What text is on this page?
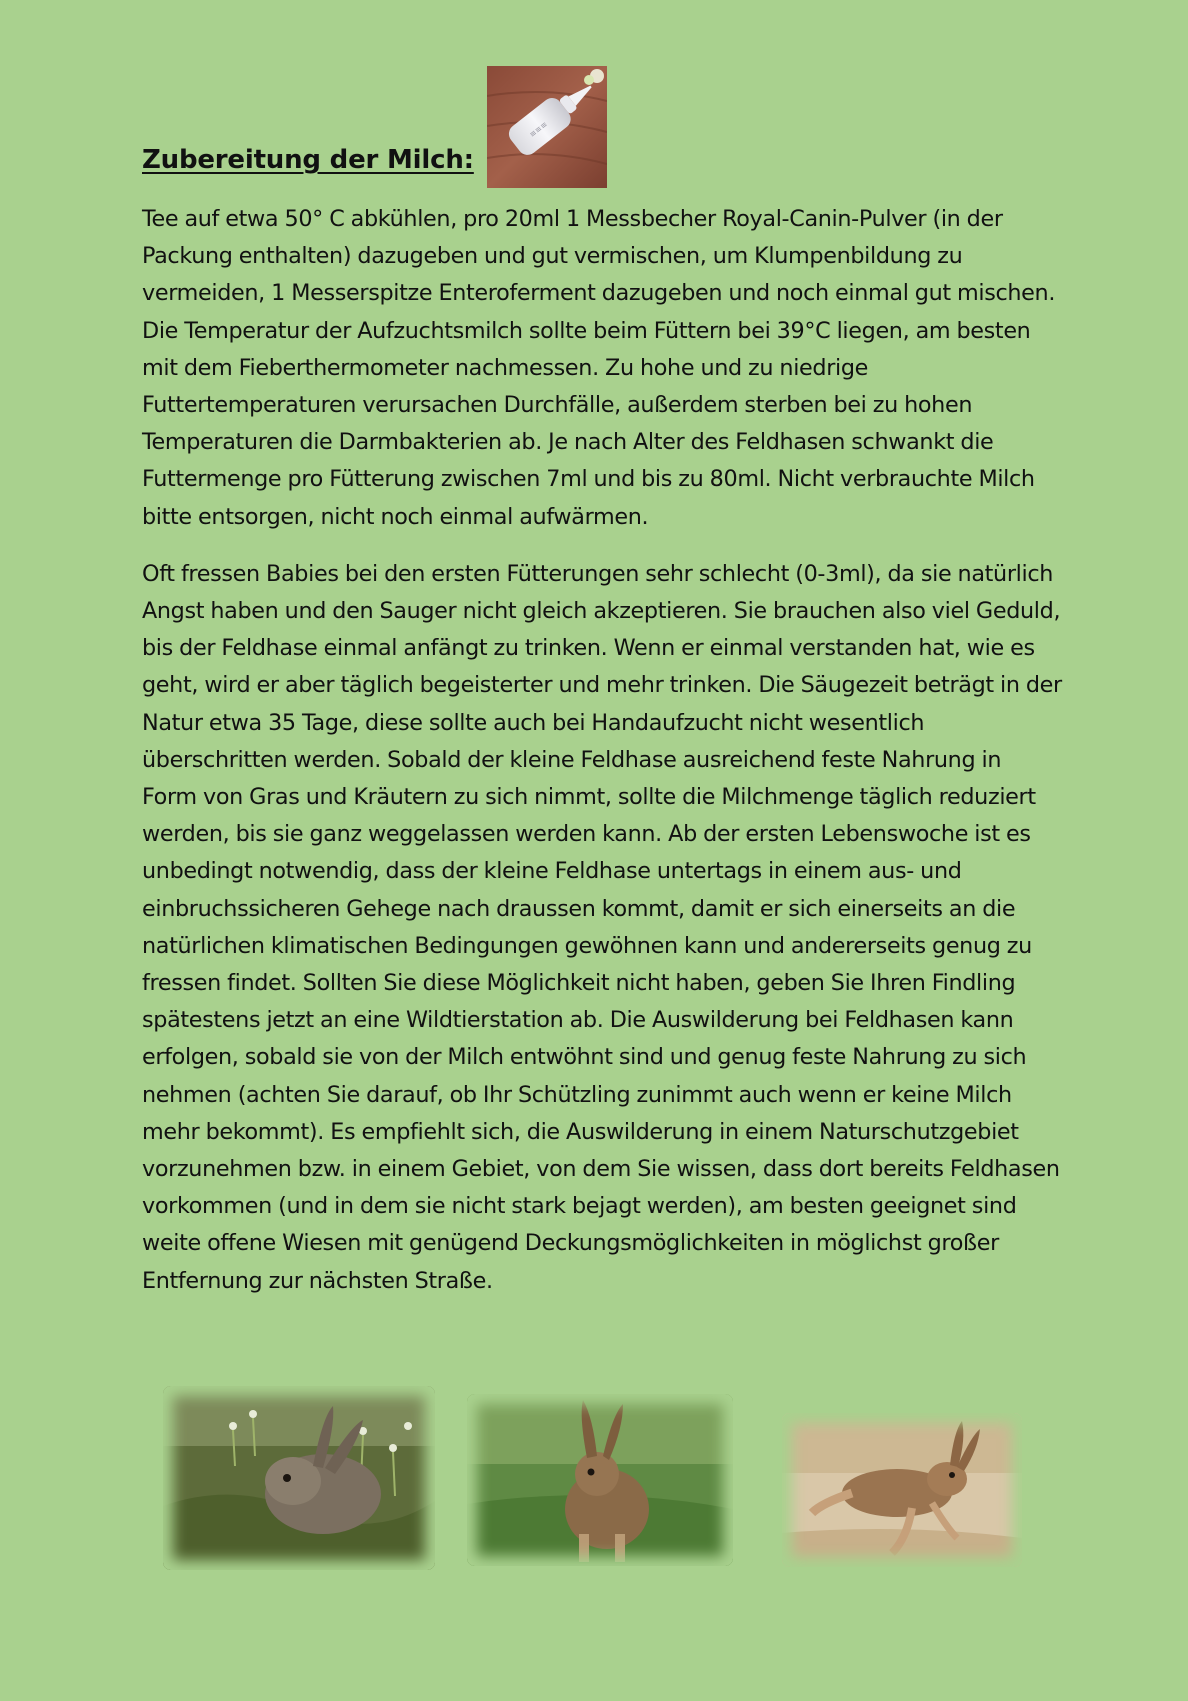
Zubereitung der Milch:
≡≡≡

Tee auf etwa 50° C abkühlen, pro 20ml 1 Messbecher Royal-Canin-Pulver (in der Packung enthalten) dazugeben und gut vermischen, um Klumpenbildung zu vermeiden, 1 Messerspitze Enteroferment dazugeben und noch einmal gut mischen. Die Temperatur der Aufzuchtsmilch sollte beim Füttern bei 39°C liegen, am besten mit dem Fieberthermometer nachmessen. Zu hohe und zu niedrige Futtertemperaturen verursachen Durchfälle, außerdem sterben bei zu hohen Temperaturen die Darmbakterien ab. Je nach Alter des Feldhasen schwankt die Futtermenge pro Fütterung zwischen 7ml und bis zu 80ml. Nicht verbrauchte Milch bitte entsorgen, nicht noch einmal aufwärmen.

Oft fressen Babies bei den ersten Fütterungen sehr schlecht (0-3ml), da sie natürlich Angst haben und den Sauger nicht gleich akzeptieren. Sie brauchen also viel Geduld, bis der Feldhase einmal anfängt zu trinken. Wenn er einmal verstanden hat, wie es geht, wird er aber täglich begeisterter und mehr trinken. Die Säugezeit beträgt in der Natur etwa 35 Tage, diese sollte auch bei Handaufzucht nicht wesentlich überschritten werden. Sobald der kleine Feldhase ausreichend feste Nahrung in Form von Gras und Kräutern zu sich nimmt, sollte die Milchmenge täglich reduziert werden, bis sie ganz weggelassen werden kann. Ab der ersten Lebenswoche ist es unbedingt notwendig, dass der kleine Feldhase untertags in einem aus- und einbruchssicheren Gehege nach draussen kommt, damit er sich einerseits an die natürlichen klimatischen Bedingungen gewöhnen kann und andererseits genug zu fressen findet. Sollten Sie diese Möglichkeit nicht haben, geben Sie Ihren Findling spätestens jetzt an eine Wildtierstation ab. Die Auswilderung bei Feldhasen kann erfolgen, sobald sie von der Milch entwöhnt sind und genug feste Nahrung zu sich nehmen (achten Sie darauf, ob Ihr Schützling zunimmt auch wenn er keine Milch mehr bekommt). Es empfiehlt sich, die Auswilderung in einem Naturschutzgebiet vorzunehmen bzw. in einem Gebiet, von dem Sie wissen, dass dort bereits Feldhasen vorkommen (und in dem sie nicht stark bejagt werden), am besten geeignet sind weite offene Wiesen mit genügend Deckungsmöglichkeiten in möglichst großer Entfernung zur nächsten Straße.
